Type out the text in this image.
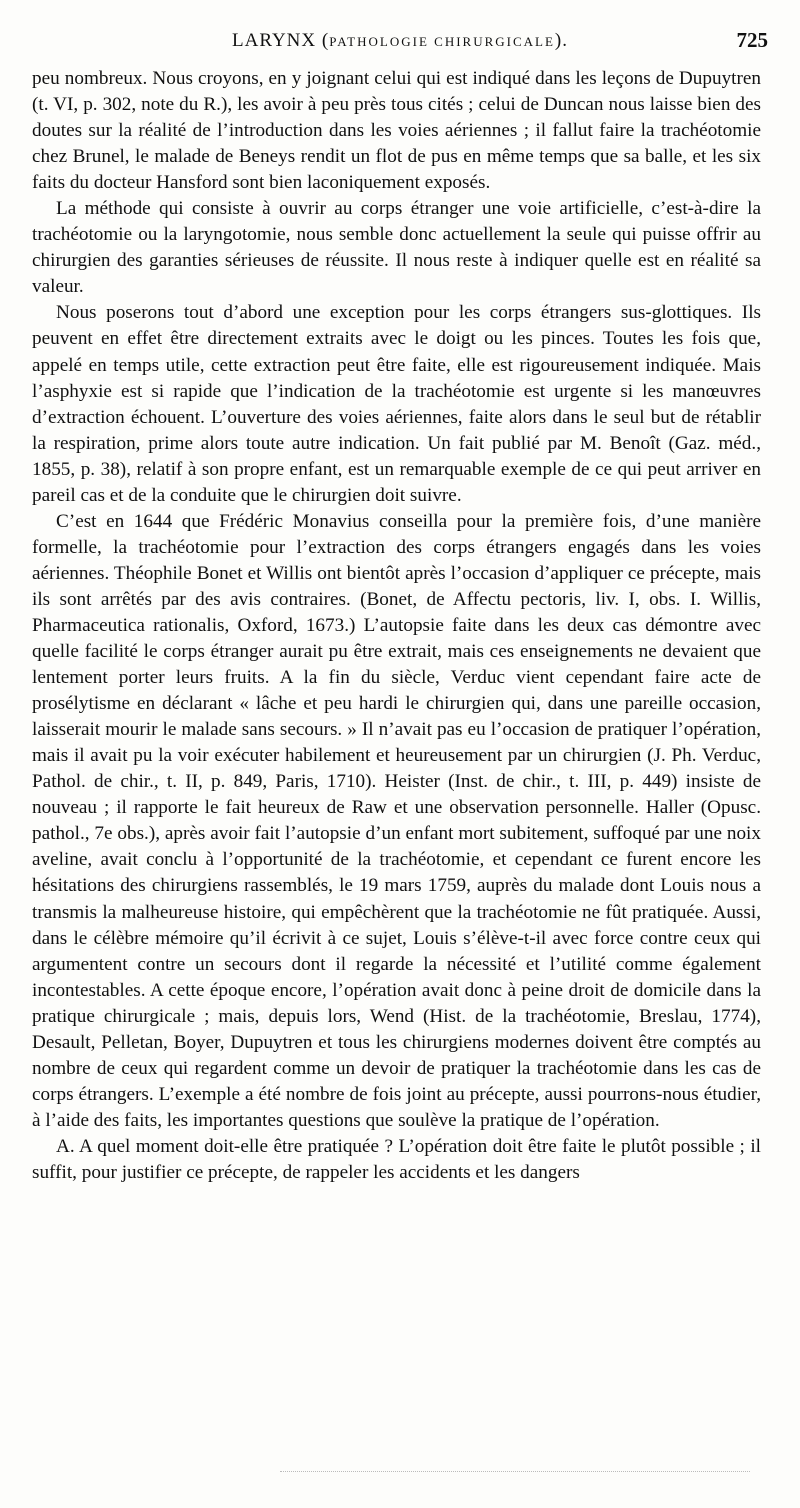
LARYNX (PATHOLOGIE CHIRURGICALE).	725

peu nombreux. Nous croyons, en y joignant celui qui est indiqué dans les leçons de Dupuytren (t. VI, p. 302, note du R.), les avoir à peu près tous cités ; celui de Duncan nous laisse bien des doutes sur la réalité de l’introduction dans les voies aériennes ; il fallut faire la trachéotomie chez Brunel, le malade de Beneys rendit un flot de pus en même temps que sa balle, et les six faits du docteur Hansford sont bien laconiquement exposés.

La méthode qui consiste à ouvrir au corps étranger une voie artificielle, c’est-à-dire la trachéotomie ou la laryngotomie, nous semble donc actuellement la seule qui puisse offrir au chirurgien des garanties sérieuses de réussite. Il nous reste à indiquer quelle est en réalité sa valeur.

Nous poserons tout d’abord une exception pour les corps étrangers sus-glottiques. Ils peuvent en effet être directement extraits avec le doigt ou les pinces. Toutes les fois que, appelé en temps utile, cette extraction peut être faite, elle est rigoureusement indiquée. Mais l’asphyxie est si rapide que l’indication de la trachéotomie est urgente si les manœuvres d’extraction échouent. L’ouverture des voies aériennes, faite alors dans le seul but de rétablir la respiration, prime alors toute autre indication. Un fait publié par M. Benoît (Gaz. méd., 1855, p. 38), relatif à son propre enfant, est un remarquable exemple de ce qui peut arriver en pareil cas et de la conduite que le chirurgien doit suivre.

C’est en 1644 que Frédéric Monavius conseilla pour la première fois, d’une manière formelle, la trachéotomie pour l’extraction des corps étrangers engagés dans les voies aériennes. Théophile Bonet et Willis ont bientôt après l’occasion d’appliquer ce précepte, mais ils sont arrêtés par des avis contraires. (Bonet, de Affectu pectoris, liv. I, obs. I. Willis, Pharmaceutica rationalis, Oxford, 1673.) L’autopsie faite dans les deux cas démontre avec quelle facilité le corps étranger aurait pu être extrait, mais ces enseignements ne devaient que lentement porter leurs fruits. A la fin du siècle, Verduc vient cependant faire acte de prosélytisme en déclarant « lâche et peu hardi le chirurgien qui, dans une pareille occasion, laisserait mourir le malade sans secours. » Il n’avait pas eu l’occasion de pratiquer l’opération, mais il avait pu la voir exécuter habilement et heureusement par un chirurgien (J. Ph. Verduc, Pathol. de chir., t. II, p. 849, Paris, 1710). Heister (Inst. de chir., t. III, p. 449) insiste de nouveau ; il rapporte le fait heureux de Raw et une observation personnelle. Haller (Opusc. pathol., 7e obs.), après avoir fait l’autopsie d’un enfant mort subitement, suffoqué par une noix aveline, avait conclu à l’opportunité de la trachéotomie, et cependant ce furent encore les hésitations des chirurgiens rassemblés, le 19 mars 1759, auprès du malade dont Louis nous a transmis la malheureuse histoire, qui empêchèrent que la trachéotomie ne fût pratiquée. Aussi, dans le célèbre mémoire qu’il écrivit à ce sujet, Louis s’élève-t-il avec force contre ceux qui argumentent contre un secours dont il regarde la nécessité et l’utilité comme également incontestables. A cette époque encore, l’opération avait donc à peine droit de domicile dans la pratique chirurgicale ; mais, depuis lors, Wend (Hist. de la trachéotomie, Breslau, 1774), Desault, Pelletan, Boyer, Dupuytren et tous les chirurgiens modernes doivent être comptés au nombre de ceux qui regardent comme un devoir de pratiquer la trachéotomie dans les cas de corps étrangers. L’exemple a été nombre de fois joint au précepte, aussi pourrons-nous étudier, à l’aide des faits, les importantes questions que soulève la pratique de l’opération.

A. A quel moment doit-elle être pratiquée ? L’opération doit être faite le plutôt possible ; il suffit, pour justifier ce précepte, de rappeler les accidents et les dangers
